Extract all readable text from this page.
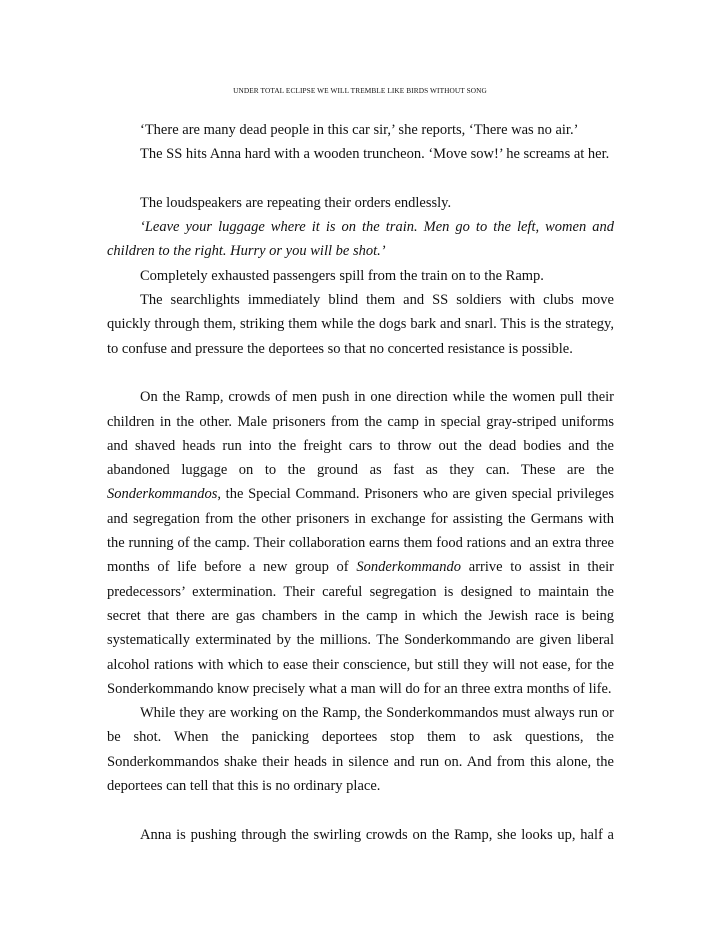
UNDER TOTAL ECLIPSE WE WILL TREMBLE LIKE BIRDS WITHOUT SONG

‘There are many dead people in this car sir,’ she reports, ‘There was no air.’

The SS hits Anna hard with a wooden truncheon. ‘Move sow!’ he screams at her.

The loudspeakers are repeating their orders endlessly.

‘Leave your luggage where it is on the train. Men go to the left, women and children to the right. Hurry or you will be shot.’

Completely exhausted passengers spill from the train on to the Ramp.

The searchlights immediately blind them and SS soldiers with clubs move quickly through them, striking them while the dogs bark and snarl. This is the strategy, to confuse and pressure the deportees so that no concerted resistance is possible.

On the Ramp, crowds of men push in one direction while the women pull their children in the other. Male prisoners from the camp in special gray-striped uniforms and shaved heads run into the freight cars to throw out the dead bodies and the abandoned luggage on to the ground as fast as they can. These are the Sonderkommandos, the Special Command. Prisoners who are given special privileges and segregation from the other prisoners in exchange for assisting the Germans with the running of the camp. Their collaboration earns them food rations and an extra three months of life before a new group of Sonderkommando arrive to assist in their predecessors’ extermination. Their careful segregation is designed to maintain the secret that there are gas chambers in the camp in which the Jewish race is being systematically exterminated by the millions. The Sonderkommando are given liberal alcohol rations with which to ease their conscience, but still they will not ease, for the Sonderkommando know precisely what a man will do for an three extra months of life.

While they are working on the Ramp, the Sonderkommandos must always run or be shot. When the panicking deportees stop them to ask questions, the Sonderkommandos shake their heads in silence and run on. And from this alone, the deportees can tell that this is no ordinary place.

Anna is pushing through the swirling crowds on the Ramp, she looks up, half a
